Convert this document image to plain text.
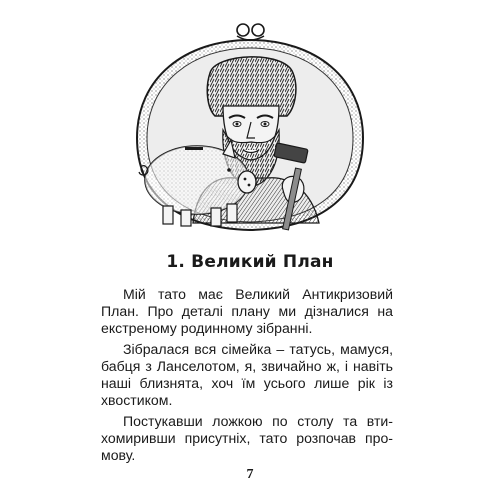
1. Великий План

Мій тато має Великий Антикризовий
План. Про деталі плану ми дізналися на
екстреному родинному зібранні.

Зібралася вся сімейка – татусь, мамуся,
бабця з Ланселотом, я, звичайно ж, і навіть
наші близнята, хоч їм усього лише рік із
хвостиком.

Постукавши ложкою по столу та вти-
хомиривши присутніх, тато розпочав про-
мову.

7
